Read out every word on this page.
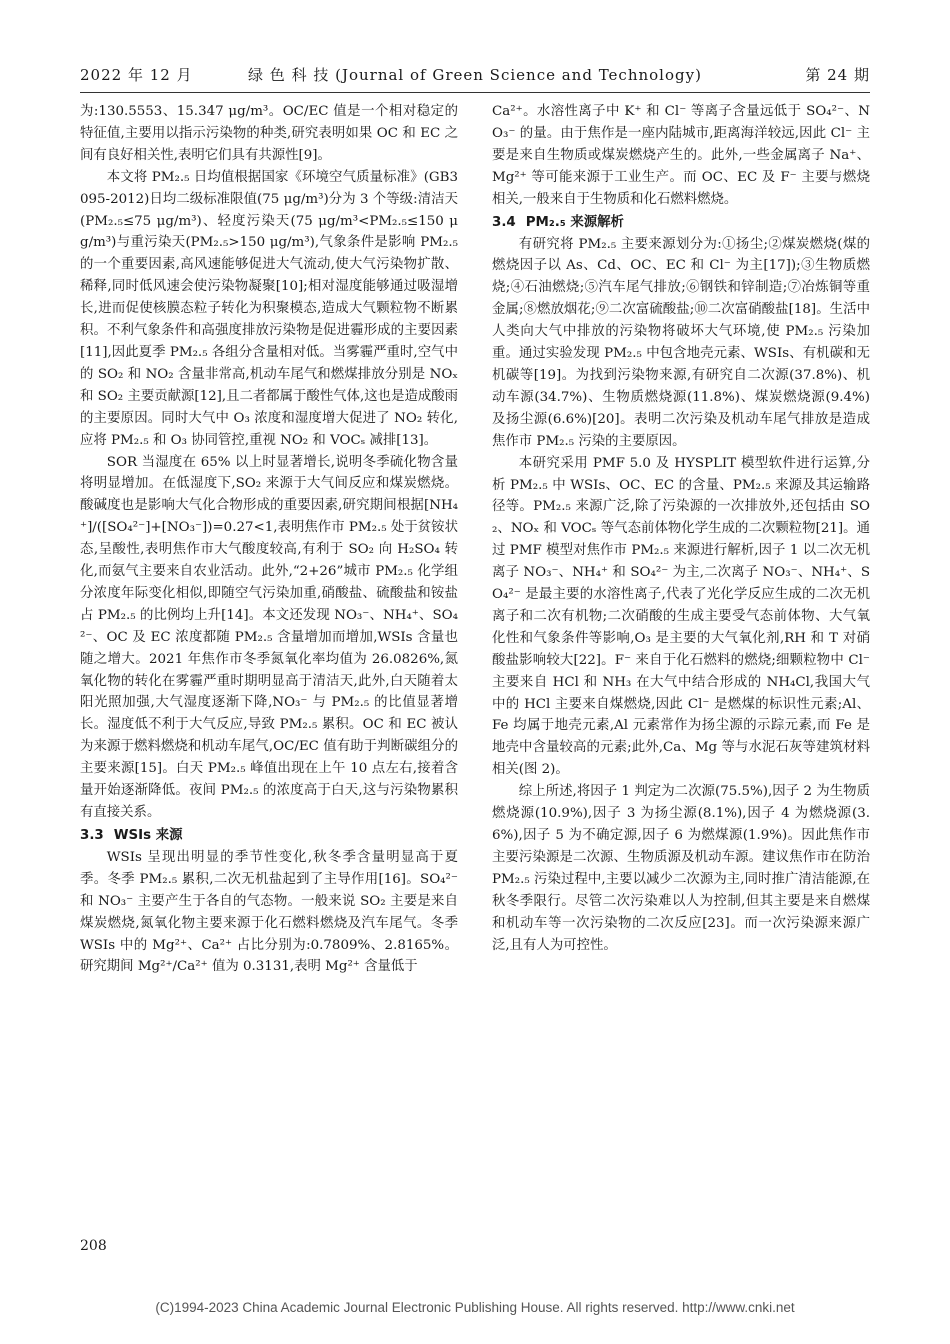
2022 年 12 月	绿 色 科 技 (Journal of Green Science and Technology)	第 24 期

为:130.5553、15.347 μg/m³。OC/EC 值是一个相对稳定的特征值,主要用以指示污染物的种类,研究表明如果 OC 和 EC 之间有良好相关性,表明它们具有共源性[9]。

本文将 PM₂.₅ 日均值根据国家《环境空气质量标准》(GB3095-2012)日均二级标准限值(75 μg/m³)分为 3 个等级:清洁天(PM₂.₅≤75 μg/m³)、轻度污染天(75 μg/m³<PM₂.₅≤150 μg/m³)与重污染天(PM₂.₅>150 μg/m³),气象条件是影响 PM₂.₅ 的一个重要因素,高风速能够促进大气流动,使大气污染物扩散、稀释,同时低风速会使污染物凝聚[10];相对湿度能够通过吸湿增长,进而促使核膜态粒子转化为积聚模态,造成大气颗粒物不断累积。不利气象条件和高强度排放污染物是促进霾形成的主要因素[11],因此夏季 PM₂.₅ 各组分含量相对低。当雾霾严重时,空气中的 SO₂ 和 NO₂ 含量非常高,机动车尾气和燃煤排放分别是 NOₓ 和 SO₂ 主要贡献源[12],且二者都属于酸性气体,这也是造成酸雨的主要原因。同时大气中 O₃ 浓度和湿度增大促进了 NO₂ 转化,应将 PM₂.₅ 和 O₃ 协同管控,重视 NO₂ 和 VOCₛ 减排[13]。

SOR 当湿度在 65% 以上时显著增长,说明冬季硫化物含量将明显增加。在低湿度下,SO₂ 来源于大气间反应和煤炭燃烧。酸碱度也是影响大气化合物形成的重要因素,研究期间根据[NH₄⁺]/([SO₄²⁻]+[NO₃⁻])=0.27<1,表明焦作市 PM₂.₅ 处于贫铵状态,呈酸性,表明焦作市大气酸度较高,有利于 SO₂ 向 H₂SO₄ 转化,而氨气主要来自农业活动。此外,“2+26”城市 PM₂.₅ 化学组分浓度年际变化相似,即随空气污染加重,硝酸盐、硫酸盐和铵盐占 PM₂.₅ 的比例均上升[14]。本文还发现 NO₃⁻、NH₄⁺、SO₄²⁻、OC 及 EC 浓度都随 PM₂.₅ 含量增加而增加,WSIs 含量也随之增大。2021 年焦作市冬季氮氧化率均值为 26.0826%,氮氧化物的转化在雾霾严重时期明显高于清洁天,此外,白天随着太阳光照加强,大气湿度逐渐下降,NO₃⁻ 与 PM₂.₅ 的比值显著增长。湿度低不利于大气反应,导致 PM₂.₅ 累积。OC 和 EC 被认为来源于燃料燃烧和机动车尾气,OC/EC 值有助于判断碳组分的主要来源[15]。白天 PM₂.₅ 峰值出现在上午 10 点左右,接着含量开始逐渐降低。夜间 PM₂.₅ 的浓度高于白天,这与污染物累积有直接关系。

3.3 WSIs 来源

WSIs 呈现出明显的季节性变化,秋冬季含量明显高于夏季。冬季 PM₂.₅ 累积,二次无机盐起到了主导作用[16]。SO₄²⁻ 和 NO₃⁻ 主要产生于各自的气态物。一般来说 SO₂ 主要是来自煤炭燃烧,氮氧化物主要来源于化石燃料燃烧及汽车尾气。冬季 WSIs 中的 Mg²⁺、Ca²⁺ 占比分别为:0.7809%、2.8165%。研究期间 Mg²⁺/Ca²⁺ 值为 0.3131,表明 Mg²⁺ 含量低于

Ca²⁺。水溶性离子中 K⁺ 和 Cl⁻ 等离子含量远低于 SO₄²⁻、NO₃⁻ 的量。由于焦作是一座内陆城市,距离海洋较远,因此 Cl⁻ 主要是来自生物质或煤炭燃烧产生的。此外,一些金属离子 Na⁺、Mg²⁺ 等可能来源于工业生产。而 OC、EC 及 F⁻ 主要与燃烧相关,一般来自于生物质和化石燃料燃烧。

3.4 PM₂.₅ 来源解析

有研究将 PM₂.₅ 主要来源划分为:①扬尘;②煤炭燃烧(煤的燃烧因子以 As、Cd、OC、EC 和 Cl⁻ 为主[17]);③生物质燃烧;④石油燃烧;⑤汽车尾气排放;⑥钢铁和锌制造;⑦冶炼铜等重金属;⑧燃放烟花;⑨二次富硫酸盐;⑩二次富硝酸盐[18]。生活中人类向大气中排放的污染物将破坏大气环境,使 PM₂.₅ 污染加重。通过实验发现 PM₂.₅ 中包含地壳元素、WSIs、有机碳和无机碳等[19]。为找到污染物来源,有研究自二次源(37.8%)、机动车源(34.7%)、生物质燃烧源(11.8%)、煤炭燃烧源(9.4%)及扬尘源(6.6%)[20]。表明二次污染及机动车尾气排放是造成焦作市 PM₂.₅ 污染的主要原因。

本研究采用 PMF 5.0 及 HYSPLIT 模型软件进行运算,分析 PM₂.₅ 中 WSIs、OC、EC 的含量、PM₂.₅ 来源及其运输路径等。PM₂.₅ 来源广泛,除了污染源的一次排放外,还包括由 SO₂、NOₓ 和 VOCₛ 等气态前体物化学生成的二次颗粒物[21]。通过 PMF 模型对焦作市 PM₂.₅ 来源进行解析,因子 1 以二次无机离子 NO₃⁻、NH₄⁺ 和 SO₄²⁻ 为主,二次离子 NO₃⁻、NH₄⁺、SO₄²⁻ 是最主要的水溶性离子,代表了光化学反应生成的二次无机离子和二次有机物;二次硝酸的生成主要受气态前体物、大气氧化性和气象条件等影响,O₃ 是主要的大气氧化剂,RH 和 T 对硝酸盐影响较大[22]。F⁻ 来自于化石燃料的燃烧;细颗粒物中 Cl⁻ 主要来自 HCl 和 NH₃ 在大气中结合形成的 NH₄Cl,我国大气中的 HCl 主要来自煤燃烧,因此 Cl⁻ 是燃煤的标识性元素;Al、Fe 均属于地壳元素,Al 元素常作为扬尘源的示踪元素,而 Fe 是地壳中含量较高的元素;此外,Ca、Mg 等与水泥石灰等建筑材料相关(图 2)。

综上所述,将因子 1 判定为二次源(75.5%),因子 2 为生物质燃烧源(10.9%),因子 3 为扬尘源(8.1%),因子 4 为燃烧源(3.6%),因子 5 为不确定源,因子 6 为燃煤源(1.9%)。因此焦作市主要污染源是二次源、生物质源及机动车源。建议焦作市在防治 PM₂.₅ 污染过程中,主要以减少二次源为主,同时推广清洁能源,在秋冬季限行。尽管二次污染难以人为控制,但其主要是来自燃煤和机动车等一次污染物的二次反应[23]。而一次污染源来源广泛,且有人为可控性。

208
(C)1994-2023 China Academic Journal Electronic Publishing House. All rights reserved. http://www.cnki.net
